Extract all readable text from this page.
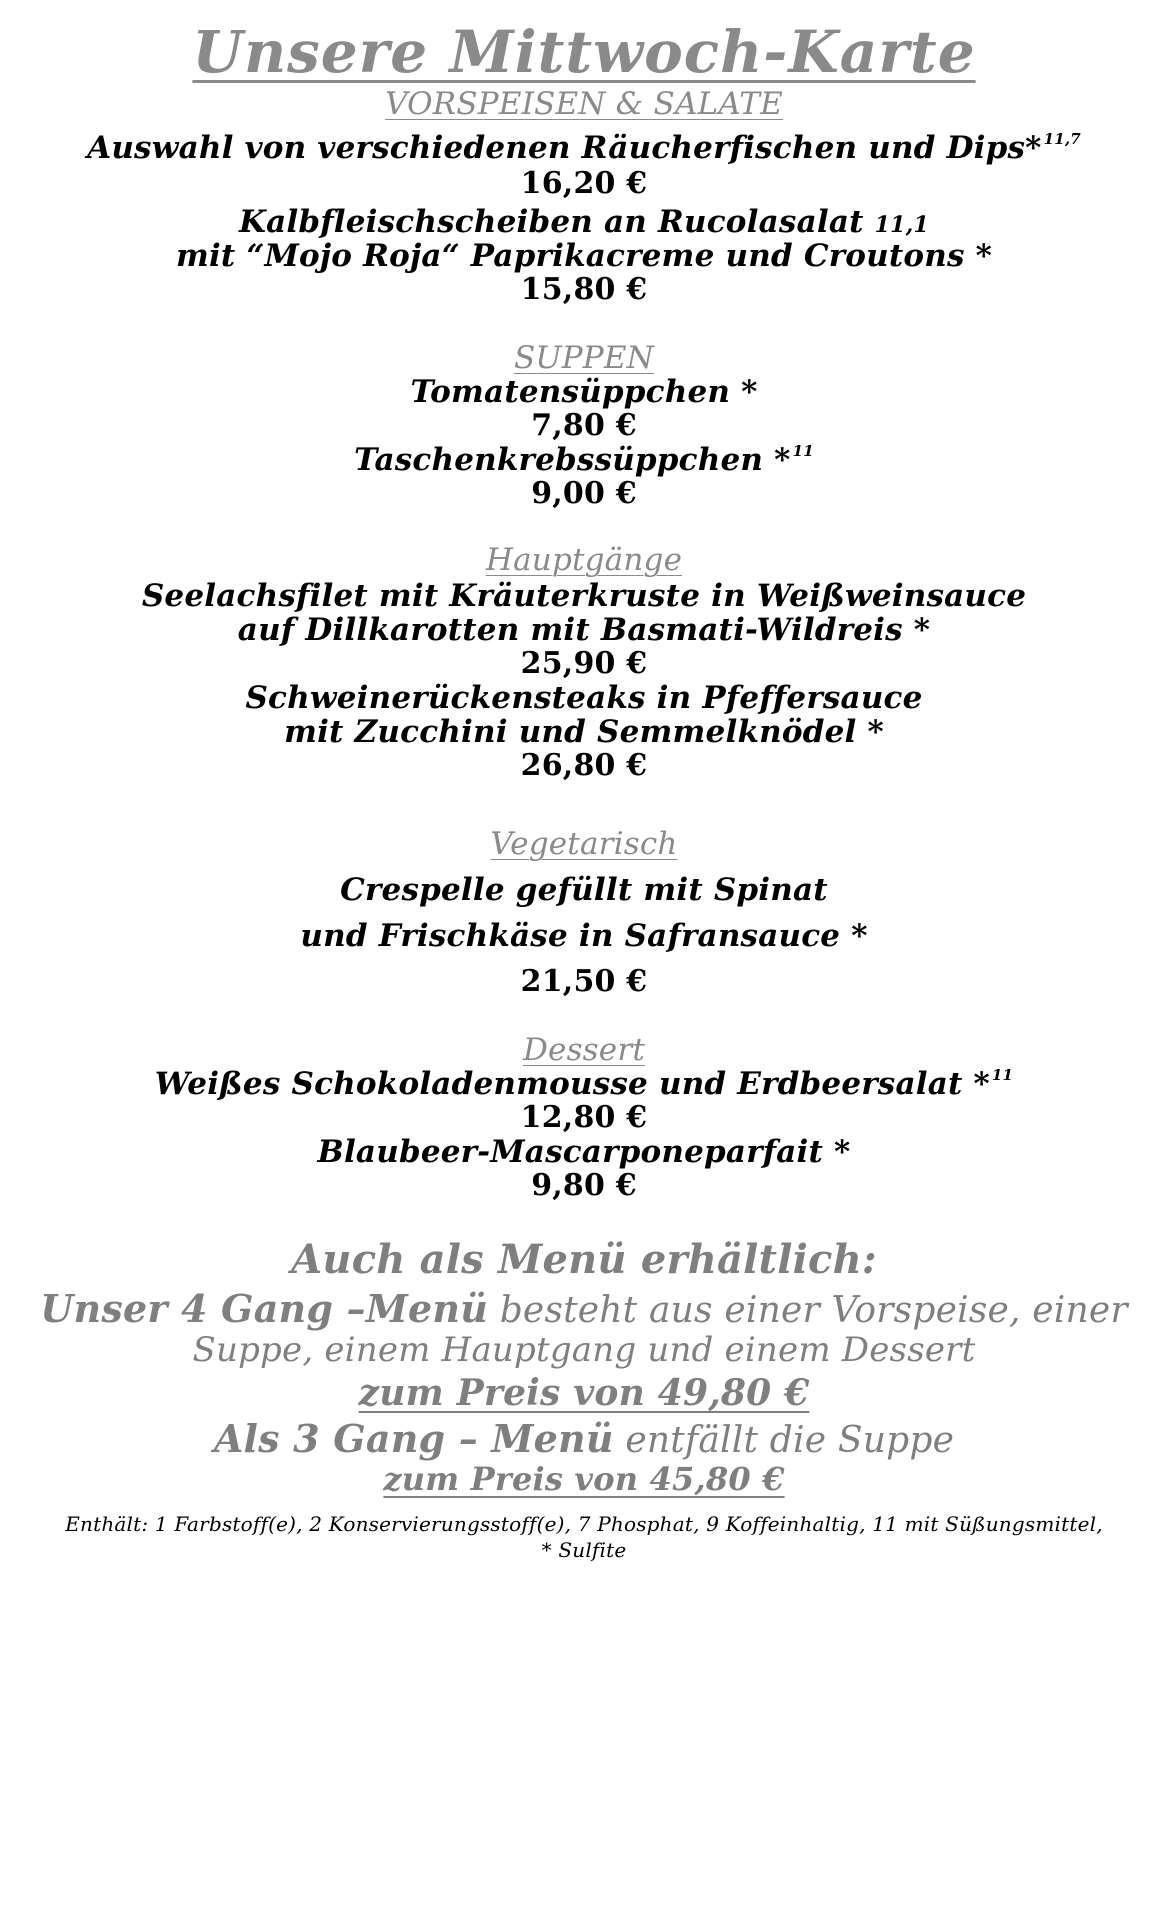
Unsere Mittwoch-Karte
VORSPEISEN & SALATE
Auswahl von verschiedenen Räucherfischen und Dips* $^{11,7}$
16,20 €
Kalbfleischscheiben an Rucolasalat 11,1
mit “Mojo Roja“ Paprikacreme und Croutons *
15,80 €
SUPPEN
Tomatensüppchen *
7,80 €
Taschenkrebssüppchen * $^{11}$
9,00 €
Hauptgänge
Seelachsfilet mit Kräuterkruste in Weißweinsauce
auf Dillkarotten mit Basmati-Wildreis *
25,90 €
Schweinerückensteaks in Pfeffersauce
mit Zucchini und Semmelknödel *
26,80 €
Vegetarisch
Crespelle gefüllt mit Spinat
und Frischkäse in Safransauce *
21,50 €
Dessert
Weißes Schokoladenmousse und Erdbeersalat * $^{11}$
12,80 €
Blaubeer-Mascarponeparfait *
9,80 €
Auch als Menü erhältlich:
Unser 4 Gang –Menü besteht aus einer Vorspeise, einer
Suppe, einem Hauptgang und einem Dessert
zum Preis von 49,80 €
Als 3 Gang – Menü entfällt die Suppe
zum Preis von 45,80 €
Enthält: 1 Farbstoff(e), 2 Konservierungsstoff(e), 7 Phosphat, 9 Koffeinhaltig, 11 mit Süßungsmittel,
* Sulfite
